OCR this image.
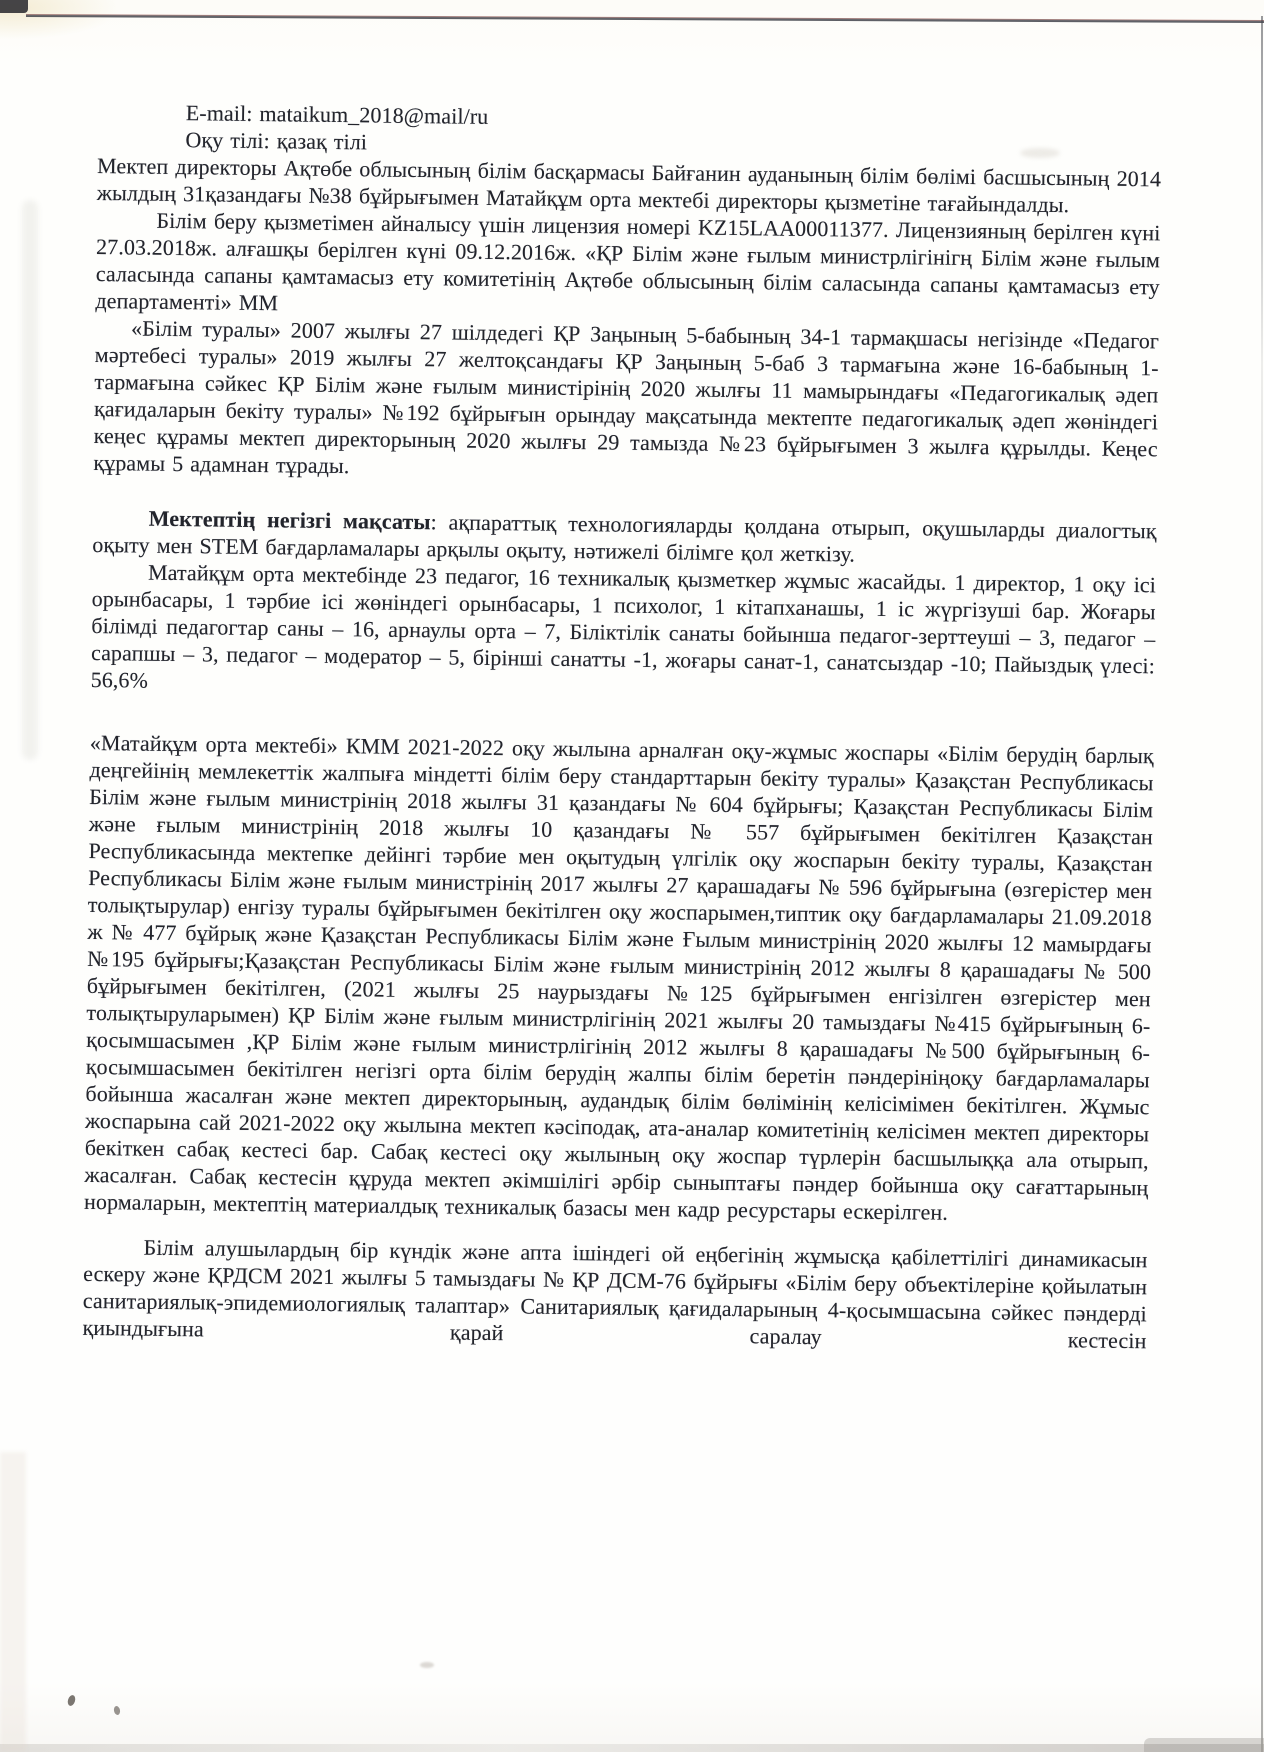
E-mail: mataikum_2018@mail/ru

Оқу тілі: қазақ тілі

Мектеп директоры Ақтөбе облысының білім басқармасы Байғанин ауданының білім бөлімі басшысының 2014 жылдың 31қазандағы №38 бұйрығымен Матайқұм орта мектебі директоры қызметіне тағайындалды.

Білім беру қызметімен айналысу үшін лицензия номері KZ15LAA00011377. Лицензияның берілген күні 27.03.2018ж. алғашқы берілген күні 09.12.2016ж. «ҚР Білім және ғылым министрлігінігң Білім және ғылым саласында сапаны қамтамасыз ету комитетінің Ақтөбе облысының білім саласында сапаны қамтамасыз ету департаменті» ММ

«Білім туралы» 2007 жылғы 27 шілдедегі ҚР Заңының 5-бабының 34-1 тармақшасы негізінде «Педагог мәртебесі туралы» 2019 жылғы 27 желтоқсандағы ҚР Заңының 5-баб 3 тармағына және 16-бабының 1- тармағына сәйкес ҚР Білім және ғылым министірінің 2020 жылғы 11 мамырындағы «Педагогикалық әдеп қағидаларын бекіту туралы» №192 бұйрығын орындау мақсатында мектепте педагогикалық әдеп жөніндегі кеңес құрамы мектеп директорының 2020 жылғы 29 тамызда №23 бұйрығымен 3 жылға құрылды. Кеңес құрамы 5 адамнан тұрады.

Мектептің негізгі мақсаты: ақпараттық технологияларды қолдана отырып, оқушыларды диалогтық оқыту мен STEM бағдарламалары арқылы оқыту, нәтижелі білімге қол жеткізу.

Матайқұм орта мектебінде 23 педагог, 16 техникалық қызметкер жұмыс жасайды. 1 директор, 1 оқу ісі орынбасары, 1 тәрбие ісі жөніндегі орынбасары, 1 психолог, 1 кітапханашы, 1 іс жүргізуші бар. Жоғары білімді педагогтар саны – 16, арнаулы орта – 7, Біліктілік санаты бойынша педагог-зерттеуші – 3, педагог –сарапшы – 3, педагог – модератор – 5, бірінші санатты -1, жоғары санат-1, санатсыздар -10; Пайыздық үлесі: 56,6%

«Матайқұм орта мектебі» КММ 2021-2022 оқу жылына арналған оқу-жұмыс жоспары «Білім берудің барлық деңгейінің мемлекеттік жалпыға міндетті білім беру стандарттарын бекіту туралы» Қазақстан Республикасы Білім және ғылым министрінің 2018 жылғы 31 қазандағы № 604 бұйрығы; Қазақстан Республикасы Білім және ғылым министрінің 2018 жылғы 10 қазандағы № 557 бұйрығымен бекітілген Қазақстан Республикасында мектепке дейінгі тәрбие мен оқытудың үлгілік оқу жоспарын бекіту туралы, Қазақстан Республикасы Білім және ғылым министрінің 2017 жылғы 27 қарашадағы № 596 бұйрығына (өзгерістер мен толықтырулар) енгізу туралы бұйрығымен бекітілген оқу жоспарымен,типтик оқу бағдарламалары 21.09.2018 ж № 477 бұйрық және Қазақстан Республикасы Білім және Ғылым министрінің 2020 жылғы 12 мамырдағы №195 бұйрығы;Қазақстан Республикасы Білім және ғылым министрінің 2012 жылғы 8 қарашадағы № 500 бұйрығымен бекітілген, (2021 жылғы 25 наурыздағы №125 бұйрығымен енгізілген өзгерістер мен толықтыруларымен) ҚР Білім және ғылым министрлігінің 2021 жылғы 20 тамыздағы №415 бұйрығының 6-қосымшасымен ,ҚР Білім және ғылым министрлігінің 2012 жылғы 8 қарашадағы №500 бұйрығының 6-қосымшасымен бекітілген негізгі орта білім берудің жалпы білім беретін пәндерініңоқу бағдарламалары бойынша жасалған және мектеп директорының, аудандық білім бөлімінің келісімімен бекітілген. Жұмыс жоспарына сай 2021-2022 оқу жылына мектеп кәсіподақ, ата-аналар комитетінің келісімен мектеп директоры бекіткен сабақ кестесі бар. Сабақ кестесі оқу жылының оқу жоспар түрлерін басшылыққа ала отырып, жасалған. Сабақ кестесін құруда мектеп әкімшілігі әрбір сыныптағы пәндер бойынша оқу сағаттарының нормаларын, мектептің материалдық техникалық базасы мен кадр ресурстары ескерілген.

Білім алушылардың бір күндік және апта ішіндегі ой еңбегінің жұмысқа қабілеттілігі динамикасын ескеру және ҚРДСМ 2021 жылғы 5 тамыздағы № ҚР ДСМ-76 бұйрығы «Білім беру объектілеріне қойылатын санитариялық-эпидемиологиялық талаптар» Санитариялық қағидаларының 4-қосымшасына сәйкес пәндерді қиындығына қарай саралау кестесін
